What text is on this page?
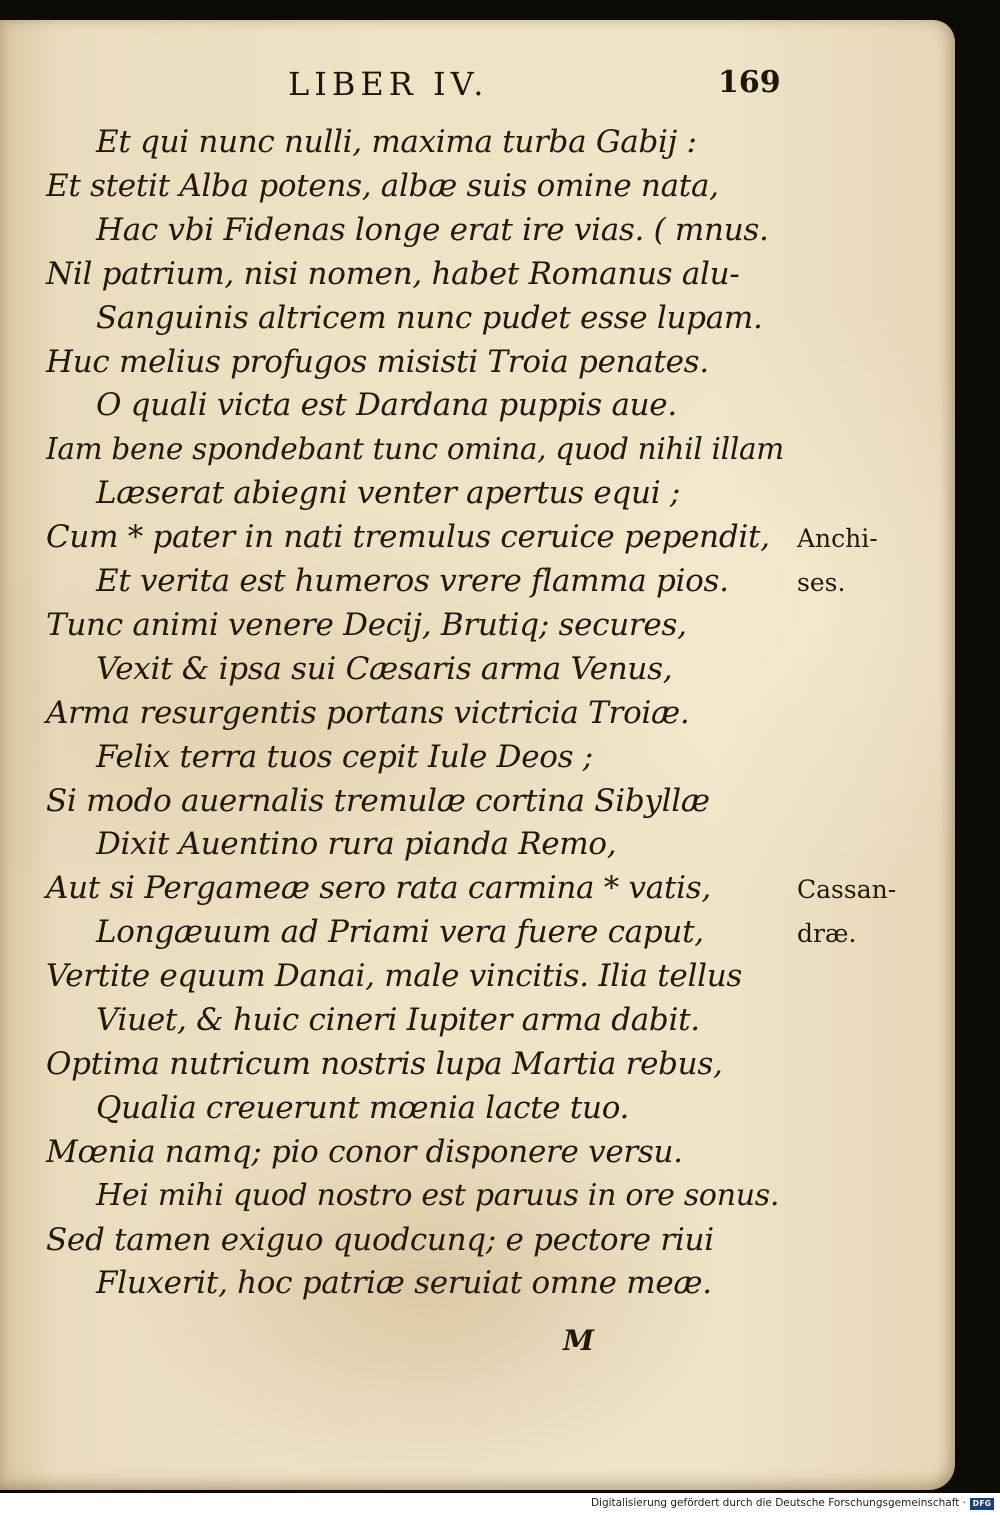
LIBER IV.	169
Et qui nunc nulli, maxima turba Gabij :
Et stetit Alba potens, albæ suis omine nata,
Hac vbi Fidenas longe erat ire vias. ( mnus.
Nil patrium, nisi nomen, habet Romanus alu-
Sanguinis altricem nunc pudet esse lupam.
Huc melius profugos misisti Troia penates.
O quali victa est Dardana puppis aue.
Iam bene spondebant tunc omina, quod nihil illam
Læserat abiegni venter apertus equi ;
Cum * pater in nati tremulus ceruice pependit,
Et verita est humeros vrere flamma pios.
Tunc animi venere Decij, Brutiq; secures,
Vexit & ipsa sui Cæsaris arma Venus,
Arma resurgentis portans victricia Troiæ.
Felix terra tuos cepit Iule Deos ;
Si modo auernalis tremulæ cortina Sibyllæ
Dixit Auentino rura pianda Remo,
Aut si Pergameæ sero rata carmina * vatis,
Longæuum ad Priami vera fuere caput,
Vertite equum Danai, male vincitis. Ilia tellus
Viuet, & huic cineri Iupiter arma dabit.
Optima nutricum nostris lupa Martia rebus,
Qualia creuerunt mœnia lacte tuo.
Mœnia namq; pio conor disponere versu.
Hei mihi quod nostro est paruus in ore sonus.
Sed tamen exiguo quodcunq; e pectore riui
Fluxerit, hoc patriæ seruiat omne meæ.
Anchi-
ses.
Cassan-
dræ.
M
Digitalisierung gefördert durch die Deutsche Forschungsgemeinschaft · DFG
